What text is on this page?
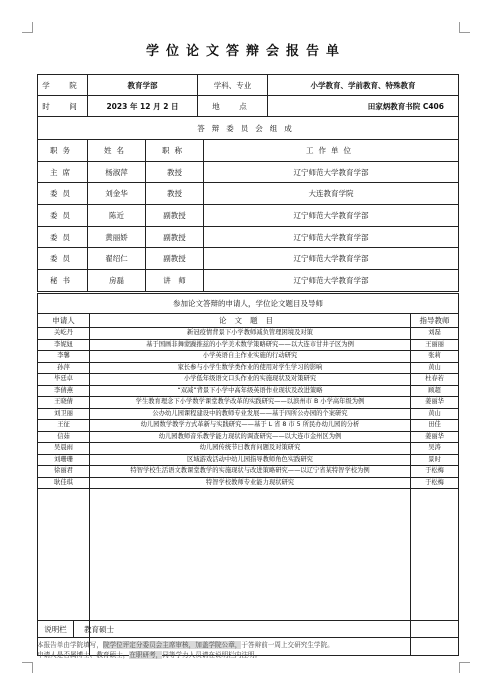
学位论文答辩会报告单
学　院	教育学部	学科、专业	小学教育、学前教育、特殊教育
时　间	2023 年 12 月 2 日	地　点	田家炳教育书院 C406
答辩委员会组成			
职务	姓名	职称	工作单位
主席	杨淑萍	教授	辽宁师范大学教育学部
委员	刘金华	教授	大连教育学院
委员	陈近	副教授	辽宁师范大学教育学部
委员	黄丽娇	副教授	辽宁师范大学教育学部
委员	翟绍仁	副教授	辽宁师范大学教育学部
秘书	房磊	讲　师	辽宁师范大学教育学部
参加论文答辩的申请人，学位论文题目及导师		
申请人	论文题目	指导教师
关屹丹	新冠疫情背景下小学教师减负管理困境及对策	刘磊
李妮妞	基于国画非舞蒙躁推兹的小学美术数学策略研究——以大连市甘井子区为例	王丽丽
李馨	小学英语自主作业实施的行动研究	张莉
孙萍	家长参与小学生数学类作业的使用对学生学习的影响	黄山
毕廷卓	小学低年级语文口头作业的实施现状及对策研究	杜春若
李倩燕	“双减”背景下小学中高年级英语作业现状及改进策略	顾超
王晓倩	学生教育理念下小学数学课堂教学改革的实践研究——以滨州市 B 小学高年级为例	姜丽华
刘卫丽	公办幼儿园课程建设中的教师专业发展——基于四所公办园的个案研究	黄山
王征	幼儿园数学教学方式革新与实践研究——基于 L 省 8 市 5 所民办幼儿园的分析	田佳
信茹	幼儿园教师音乐教学能力现状的调查研究——以大连市金州区为例	姜丽华
吴晨雨	幼儿园传统节日教育问题及对策研究	吴涛
刘珊珊	区域游戏活动中幼儿园指导教师角色实践研究	景时
徐丽君	特智学校生活语文教课堂教学的实施现状与改进策略研究——以辽宁省某特智学校为例	于松梅
耿佳琪	特智学校教师专业能力现状研究	于松梅

说明栏	教育硕士
本报告单由学院填写，院学位评定分委员会主席审核，加盖学院公章，于答辩前一周上交研究生学院。
申请人是否属博士、教育硕士，在职研考，同等学力人员请在说明栏内注明。
